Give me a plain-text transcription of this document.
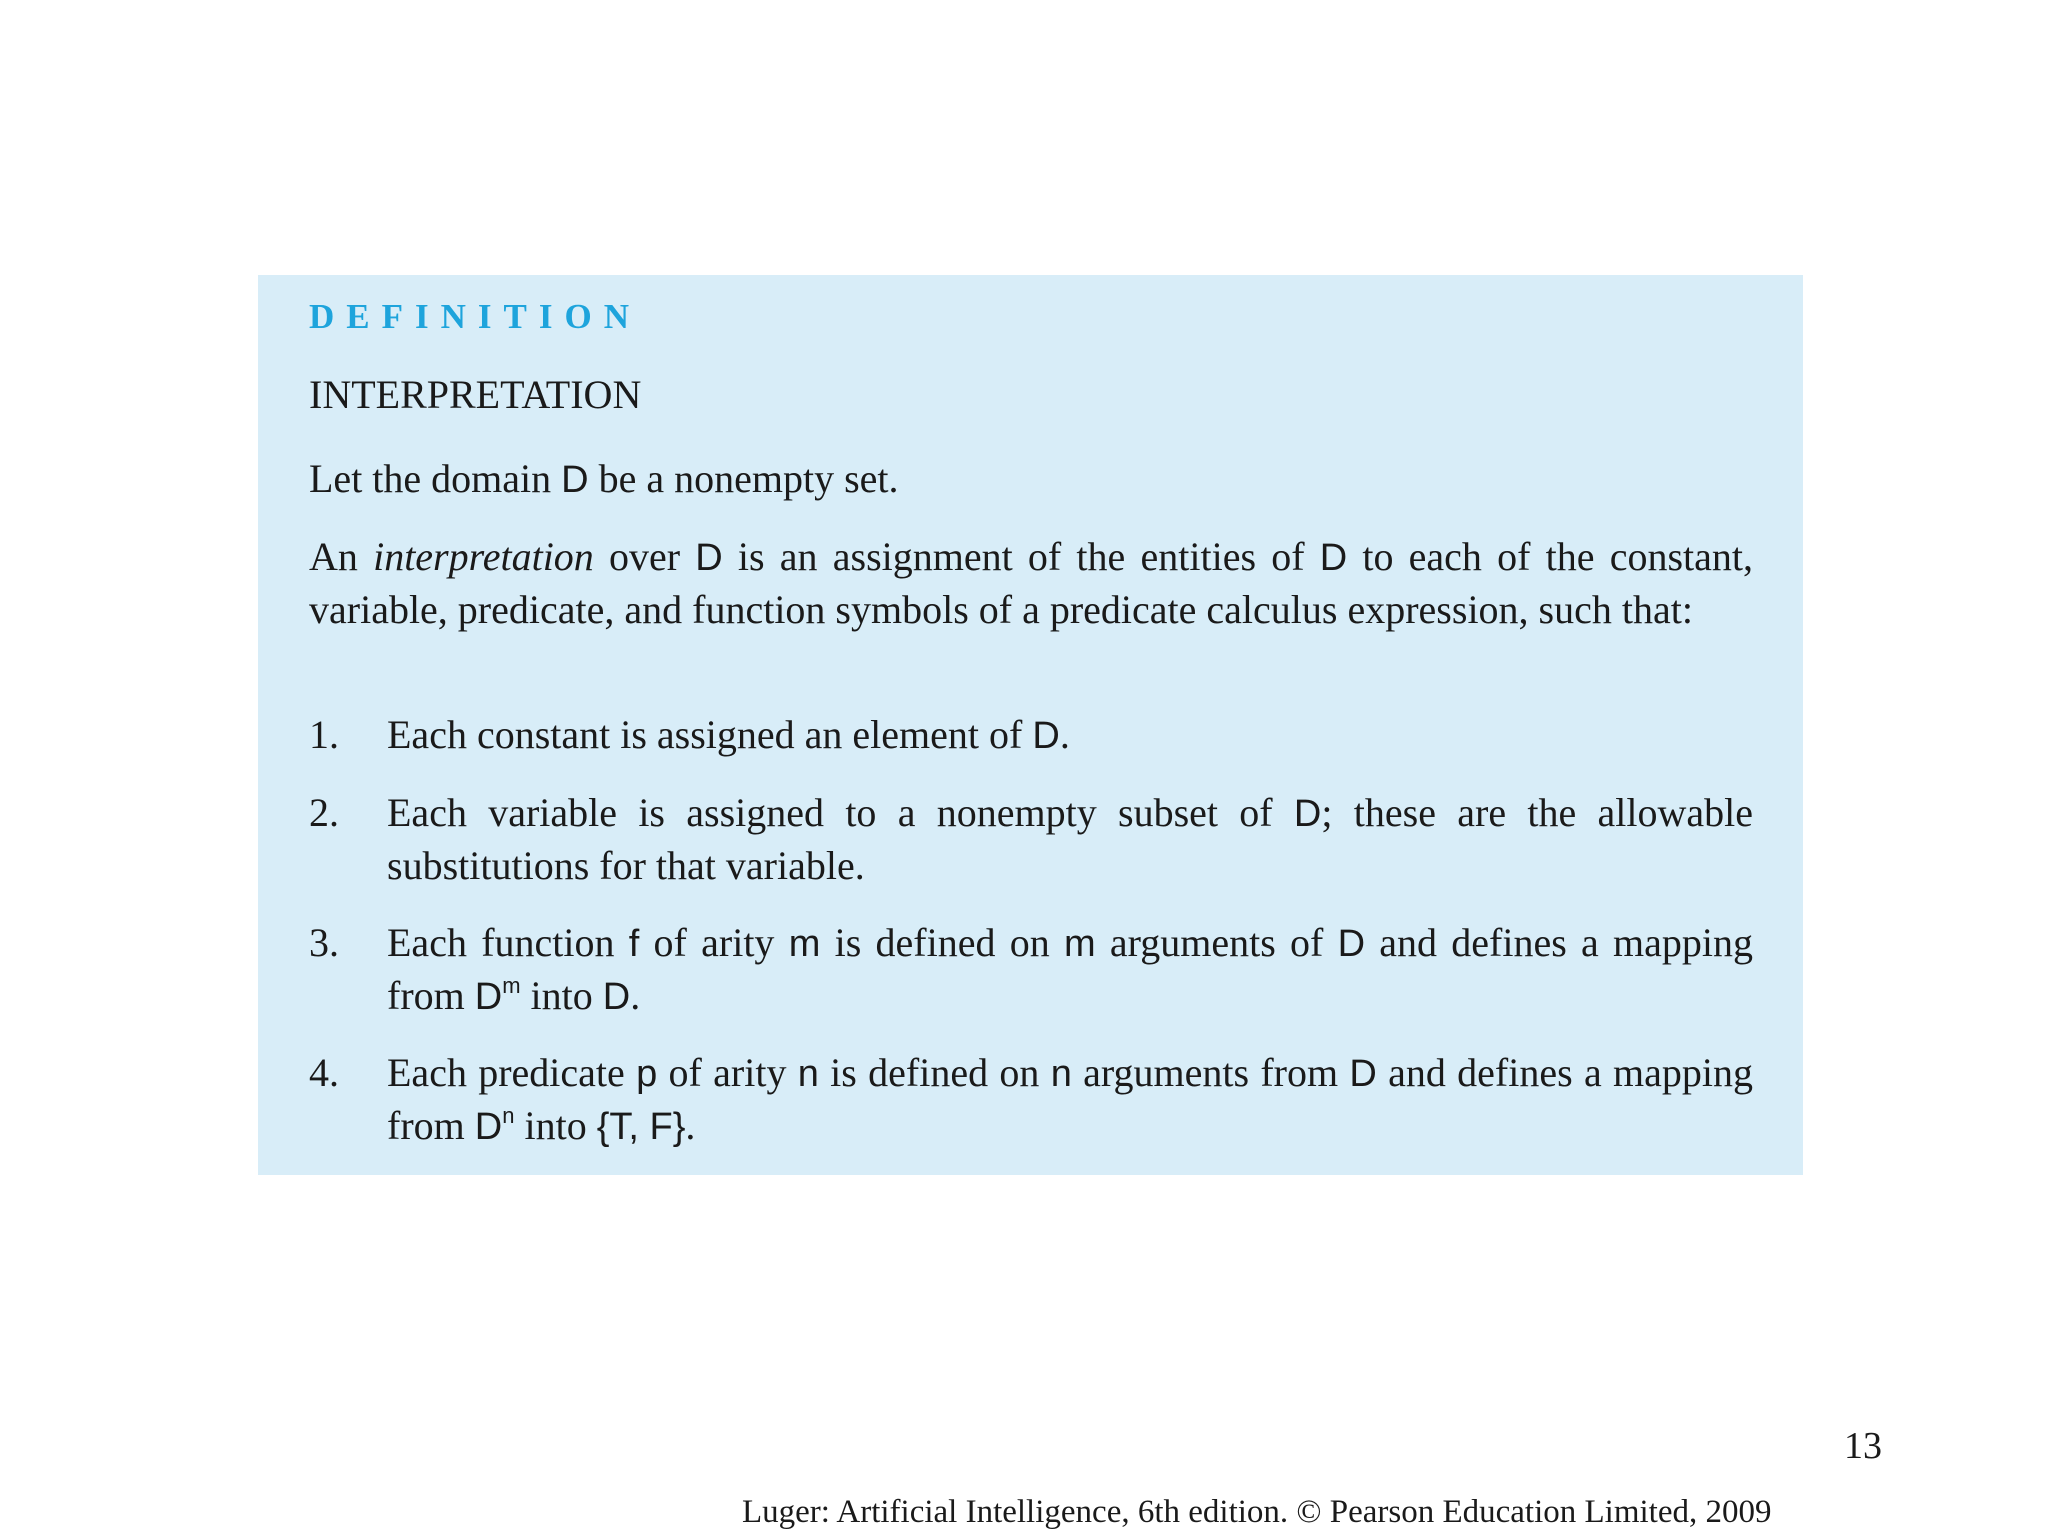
DEFINITION
INTERPRETATION
Let the domain D be a nonempty set.
An interpretation over D is an assignment of the entities of D to each of the constant, variable, predicate, and function symbols of a predicate calculus expression, such that:
1.	Each constant is assigned an element of D.
2.	Each variable is assigned to a nonempty subset of D; these are the allowable substitutions for that variable.
3.	Each function f of arity m is defined on m arguments of D and defines a mapping from $D^m$ into D.
4.	Each predicate p of arity n is defined on n arguments from D and defines a mapping from $D^n$ into {T, F}.
13
Luger: Artificial Intelligence, 6th edition. © Pearson Education Limited, 2009
